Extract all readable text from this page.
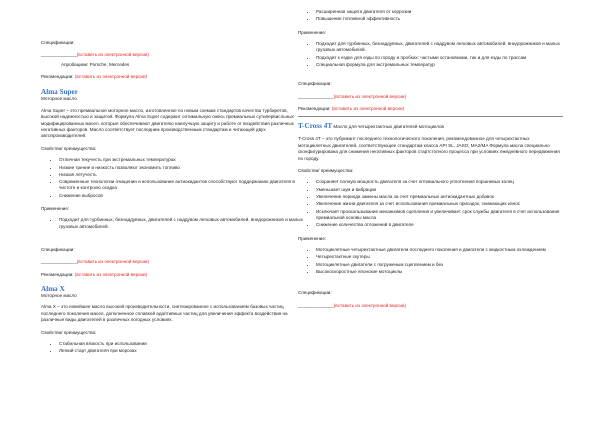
Спецификации:
______________(вставить из электронной версии)
Апробациии: Porsche, Mercedes
Рекомендации: (вставить из электронной версии)
Alma Super
Моторное масло

Alma Super – это премиальное моторное масло, изготовленное по новым схемам стандартов качества турбиретов, высокой надежностью и защитой. Формула Alma Super содержит оптимальную смесь премиальных сутипервисльных модифицированных масел, которые обеспечивают двигателю наилучшую защиту и работе от воздействия различных негативных факторов. Масло соответствует последним производственным стандартам и читающей двух автопроизводителей.

Свойства/ преимущества:
• Отличная текучесть при экстремальных температурах
• Низкие трение и низкость позволяют экономить топливо
• Низкая летучесть
• Современные технологии очищения и использование антиокидантов способствуют поддержанию двигателя в чистоте и контролю осадка
• Снижение выбросов
Применение:
• Подходит для турбинных, безнаддувных, двигателей с наддувом легковых автомобилей, внедорожников и малых грузовых автомобилей.
Спецификации:
______________(вставить из электронной версии)
Рекомендации: (вставить из электронной версии)
Alma X
Моторное масло

Alma X – это новейшее масло высокой производительности, синтезированное с использованием базовых частиц последнего поколения масел, дополненное сплавкой адаптивных частиц для увеличения эффекта воздействия на различные виды двигателей в различных погодных условиях.

Свойства/ преимущества:
• Стабильная вязкость при использовании
• Легкий старт двигателя при морозах
• Расширенная защита двигателя от коррозии
• Повышение топливной эффективность
Применение:
• Подходит для турбинных, безнаддувных, двигателей с наддувом легковых автомобилей, внедорожников и малых грузовых автомобилей.
• Подходит к ездке для езды по городу и пробках: частыми остановками, так и для езды по трассам
• Специальная формула для экстремальных температур
Спецификации:
______________(вставить из электронной версии)
Рекомендации: (вставить из электронной версии)
T-Cross 4T Масло для четырехтактных двигателей мотоциклов

T-Cross 4T – это лубрикант последнего технологического поколения, рекомендованное для четырехтактных мотоциклетных двигателей, соответствующее стандартам класса API SL, JASO, MA2/MA Формула масла специально сконфигурирована для снижения негативных факторов стартстопного процесса при условиях ежедневного передвижения по городу.

Свойства/ преимущества:
• Сохраняет полную мощность двигателя за счет оптимального уплотнения поршневых колец
• Уменьшает шум и вибрации
• Увеличение периода замены масла за счет премиальных антиокидантных добавок
• Увеличение жизни двигателя за счет использования премиальных присадок, снижающих износ
• Исключает проскальзывание механизмов сцепления и увеличивает срок службы двигателя в счет использования премиальной основы масла
• Снижение количества отложений в двигателе
Применение:
• Мотоциклетные четырехтактные двигатели последнего поколения и двигатели с жидкостным охлаждением
• Четырехтактные скутеры
• Мотоциклетные двигатели с погруженым сцеплением и без
• Высокоскоростные японские мотоциклы
Спецификации:
______________(вставить из электронной версии)
